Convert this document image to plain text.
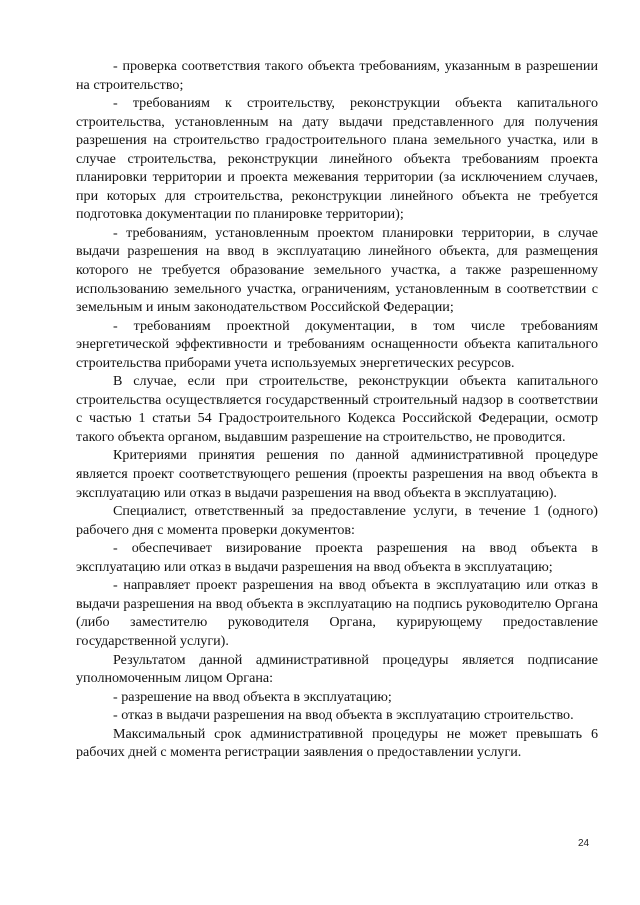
- проверка соответствия такого объекта требованиям, указанным в разрешении на строительство;

- требованиям к строительству, реконструкции объекта капитального строительства, установленным на дату выдачи представленного для получения разрешения на строительство градостроительного плана земельного участка, или в случае строительства, реконструкции линейного объекта требованиям проекта планировки территории и проекта межевания территории (за исключением случаев, при которых для строительства, реконструкции линейного объекта не требуется подготовка документации по планировке территории);

- требованиям, установленным проектом планировки территории, в случае выдачи разрешения на ввод в эксплуатацию линейного объекта, для размещения которого не требуется образование земельного участка, а также разрешенному использованию земельного участка, ограничениям, установленным в соответствии с земельным и иным законодательством Российской Федерации;

- требованиям проектной документации, в том числе требованиям энергетической эффективности и требованиям оснащенности объекта капитального строительства приборами учета используемых энергетических ресурсов.

В случае, если при строительстве, реконструкции объекта капитального строительства осуществляется государственный строительный надзор в соответствии с частью 1 статьи 54 Градостроительного Кодекса Российской Федерации, осмотр такого объекта органом, выдавшим разрешение на строительство, не проводится.

Критериями принятия решения по данной административной процедуре является проект соответствующего решения (проекты разрешения на ввод объекта в эксплуатацию или отказ в выдачи разрешения на ввод объекта в эксплуатацию).

Специалист, ответственный за предоставление услуги, в течение 1 (одного) рабочего дня с момента проверки документов:

- обеспечивает визирование проекта разрешения на ввод объекта в эксплуатацию или отказ в выдачи разрешения на ввод объекта в эксплуатацию;

- направляет проект разрешения на ввод объекта в эксплуатацию или отказ в выдачи разрешения на ввод объекта в эксплуатацию на подпись руководителю Органа (либо заместителю руководителя Органа, курирующему предоставление государственной услуги).

Результатом данной административной процедуры является подписание уполномоченным лицом Органа:

- разрешение на ввод объекта в эксплуатацию;

- отказ в выдачи разрешения на ввод объекта в эксплуатацию строительство.

Максимальный срок административной процедуры не может превышать 6 рабочих дней с момента регистрации заявления о предоставлении услуги.

24
